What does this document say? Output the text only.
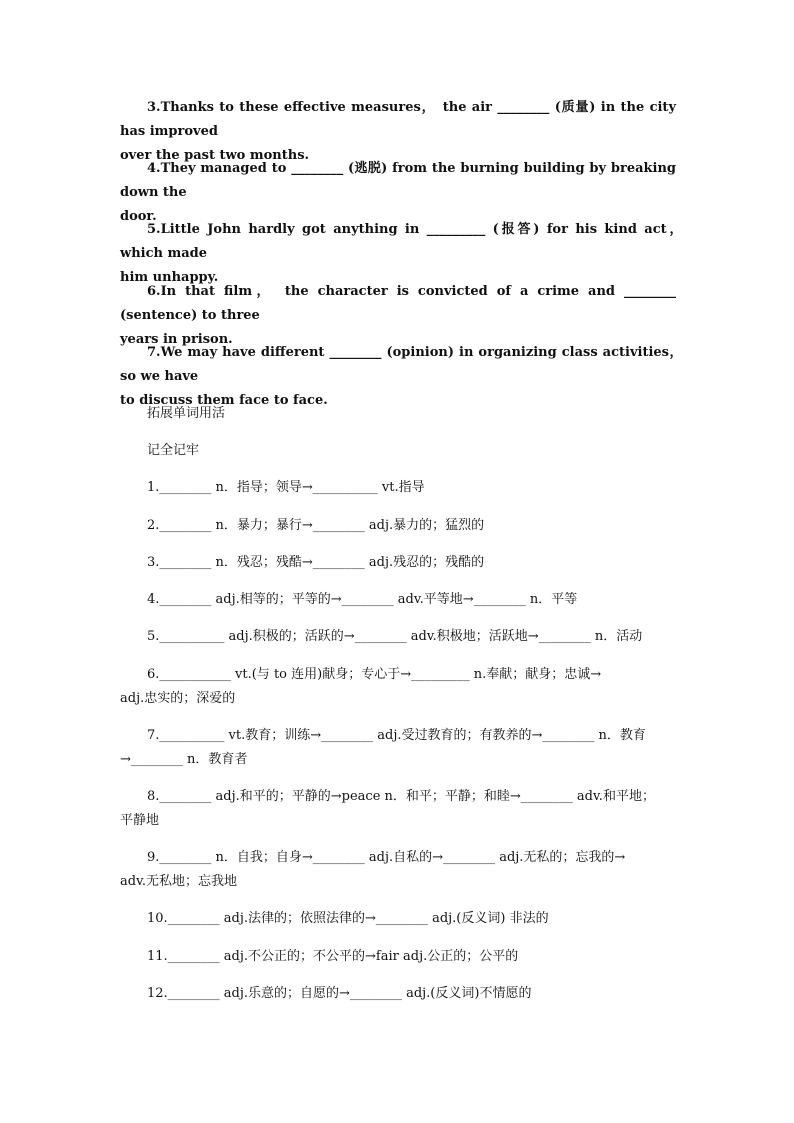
3.Thanks to these effective measures，　the air ________ (质量) in the city has improved
over the past two months.
4.They managed to ________ (逃脱) from the burning building by breaking down the
door.
5.Little John hardly got anything in _________ (报答) for his kind act，　which made
him unhappy.
6.In that film，　the character is convicted of a crime and ________ (sentence) to three
years in prison.
7.We may have different ________ (opinion) in organizing class activities，　so we have
to discuss them face to face.
拓展单词用活
记全记牢
1.________ n．指导；领导→__________ vt.指导
2.________ n．暴力；暴行→________ adj.暴力的；猛烈的
3.________ n．残忍；残酷→________ adj.残忍的；残酷的
4.________ adj.相等的；平等的→________ adv.平等地→________ n．平等
5.__________ adj.积极的；活跃的→________ adv.积极地；活跃地→________ n．活动
6.___________ vt.(与 to 连用)献身；专心于→_________ n.奉献；献身；忠诚→
adj.忠实的；深爱的
7.__________ vt.教育；训练→________ adj.受过教育的；有教养的→________ n．教育
→________ n．教育者
8.________ adj.和平的；平静的→peace n．和平；平静；和睦→________ adv.和平地；
平静地
9.________ n．自我；自身→________ adj.自私的→________ adj.无私的；忘我的→
adv.无私地；忘我地
10.________ adj.法律的；依照法律的→________ adj.(反义词) 非法的
11.________ adj.不公正的；不公平的→fair adj.公正的；公平的
12.________ adj.乐意的；自愿的→________ adj.(反义词)不情愿的
